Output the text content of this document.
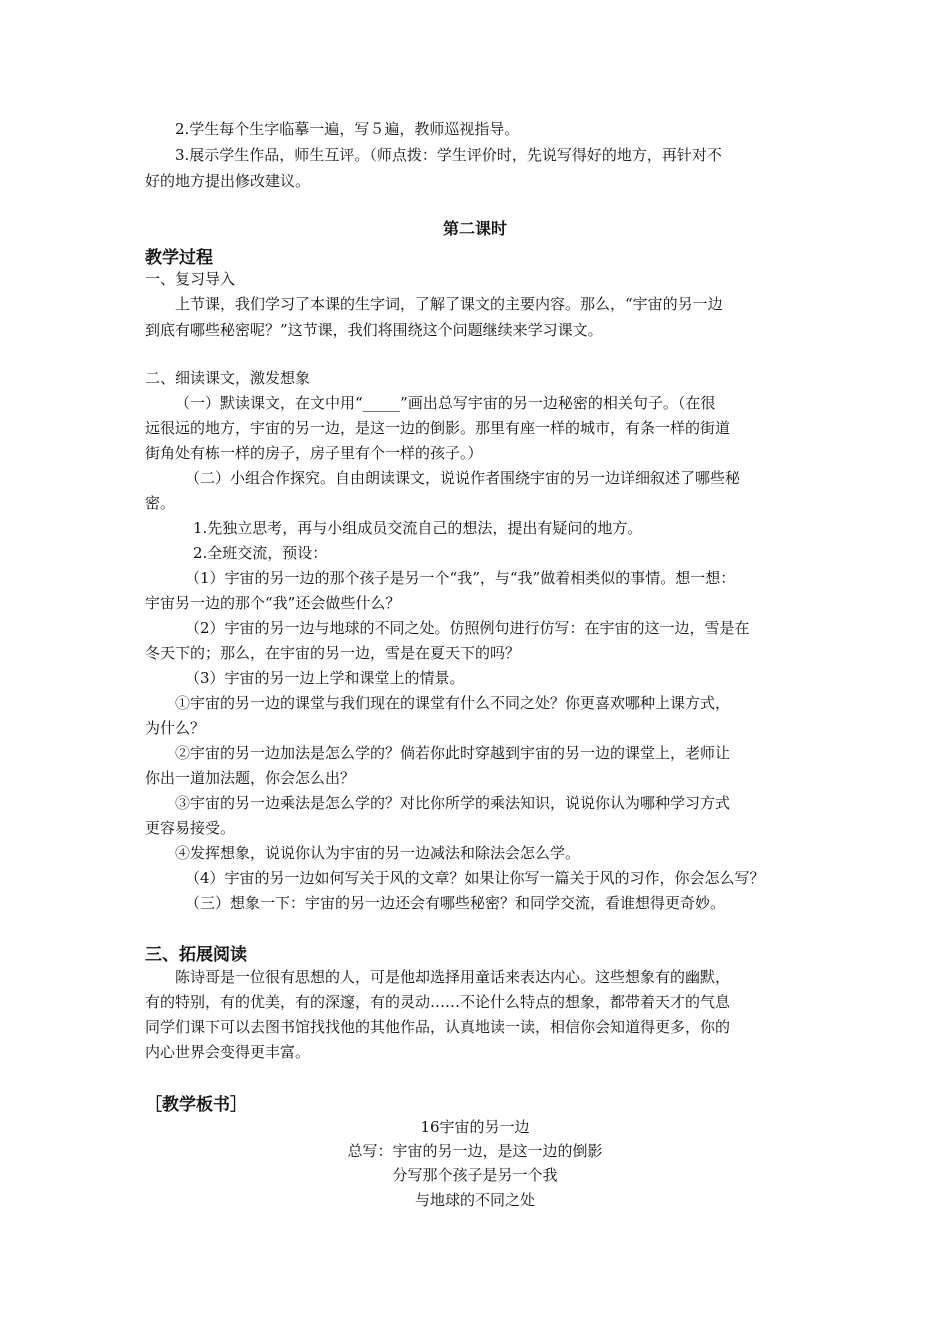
2.学生每个生字临摹一遍，写５遍，教师巡视指导。
3.展示学生作品，师生互评。（师点拨：学生评价时，先说写得好的地方，再针对不
好的地方提出修改建议。
第二课时
教学过程
一、复习导入
上节课，我们学习了本课的生字词，了解了课文的主要内容。那么，“宇宙的另一边
到底有哪些秘密呢？”这节课，我们将围绕这个问题继续来学习课文。
二、细读课文，激发想象
（一）默读课文，在文中用“_____”画出总写宇宙的另一边秘密的相关句子。（在很
远很远的地方，宇宙的另一边，是这一边的倒影。那里有座一样的城市，有条一样的街道
街角处有栋一样的房子，房子里有个一样的孩子。）
（二）小组合作探究。自由朗读课文，说说作者围绕宇宙的另一边详细叙述了哪些秘
密。
1.先独立思考，再与小组成员交流自己的想法，提出有疑问的地方。
2.全班交流，预设：
（1）宇宙的另一边的那个孩子是另一个“我”，与“我”做着相类似的事情。想一想：
宇宙另一边的那个“我”还会做些什么？
（2）宇宙的另一边与地球的不同之处。仿照例句进行仿写：在宇宙的这一边，雪是在
冬天下的；那么，在宇宙的另一边，雪是在夏天下的吗？
（3）宇宙的另一边上学和课堂上的情景。
①宇宙的另一边的课堂与我们现在的课堂有什么不同之处？你更喜欢哪种上课方式，
为什么？
②宇宙的另一边加法是怎么学的？倘若你此时穿越到宇宙的另一边的课堂上，老师让
你出一道加法题，你会怎么出？
③宇宙的另一边乘法是怎么学的？对比你所学的乘法知识，说说你认为哪种学习方式
更容易接受。
④发挥想象，说说你认为宇宙的另一边减法和除法会怎么学。
（4）宇宙的另一边如何写关于风的文章？如果让你写一篇关于风的习作，你会怎么写？
（三）想象一下：宇宙的另一边还会有哪些秘密？和同学交流，看谁想得更奇妙。
三、拓展阅读
陈诗哥是一位很有思想的人，可是他却选择用童话来表达内心。这些想象有的幽默，
有的特别，有的优美，有的深邃，有的灵动……不论什么特点的想象，都带着天才的气息
同学们课下可以去图书馆找找他的其他作品，认真地读一读，相信你会知道得更多，你的
内心世界会变得更丰富。
［教学板书］
16宇宙的另一边
总写：宇宙的另一边，是这一边的倒影
分写那个孩子是另一个我
与地球的不同之处
